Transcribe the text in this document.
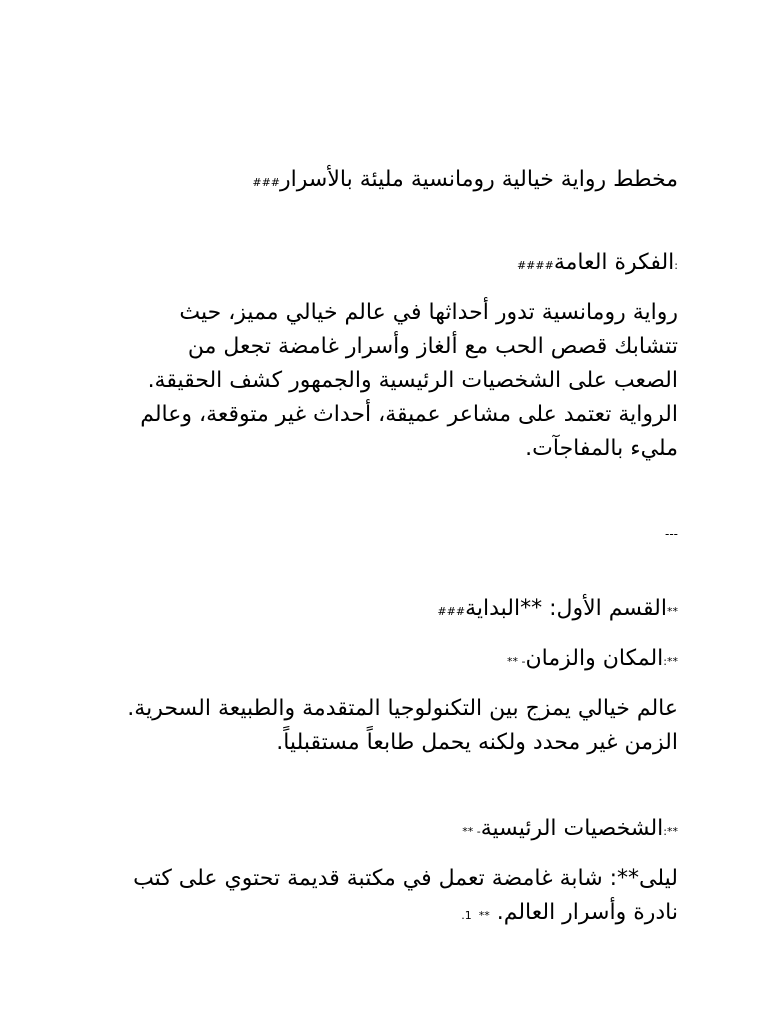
مخطط رواية خيالية رومانسية مليئة بالأسرار###
:الفكرة العامة####
رواية رومانسية تدور أحداثها في عالم خيالي مميز، حيث تتشابك قصص الحب مع ألغاز وأسرار غامضة تجعل من الصعب على الشخصيات الرئيسية والجمهور كشف الحقيقة. الرواية تعتمد على مشاعر عميقة، أحداث غير متوقعة، وعالم مليء بالمفاجآت.
---
**القسم الأول: **البداية###
**:المكان والزمان- **
عالم خيالي يمزج بين التكنولوجيا المتقدمة والطبيعة السحرية. الزمن غير محدد ولكنه يحمل طابعاً مستقبلياً.
**:الشخصيات الرئيسية- **
ليلى**: شابة غامضة تعمل في مكتبة قديمة تحتوي على كتب نادرة وأسرار العالم. ** 1.
